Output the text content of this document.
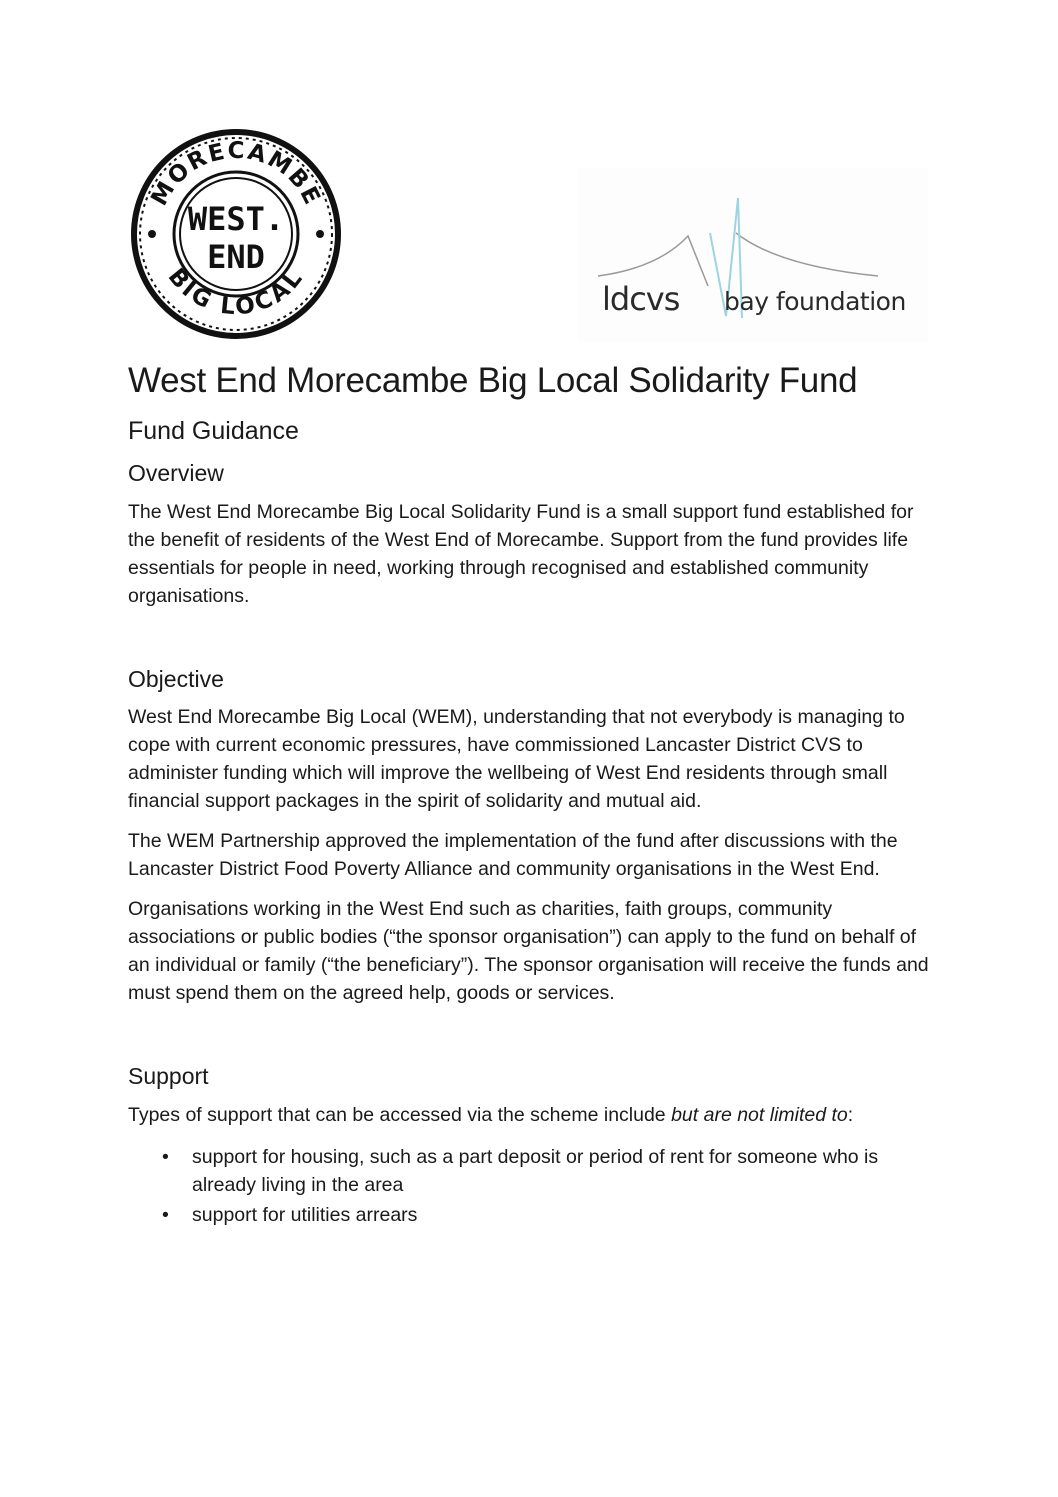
MORECAMBE
BIG LOCAL
WEST.
END
ldcvs bay foundation
West End Morecambe Big Local Solidarity Fund
Fund Guidance
Overview

The West End Morecambe Big Local Solidarity Fund is a small support fund established for the benefit of residents of the West End of Morecambe. Support from the fund provides life essentials for people in need, working through recognised and established community organisations.

Objective

West End Morecambe Big Local (WEM), understanding that not everybody is managing to cope with current economic pressures, have commissioned Lancaster District CVS to administer funding which will improve the wellbeing of West End residents through small financial support packages in the spirit of solidarity and mutual aid.

The WEM Partnership approved the implementation of the fund after discussions with the Lancaster District Food Poverty Alliance and community organisations in the West End.

Organisations working in the West End such as charities, faith groups, community associations or public bodies (“the sponsor organisation”) can apply to the fund on behalf of an individual or family (“the beneficiary”). The sponsor organisation will receive the funds and must spend them on the agreed help, goods or services.

Support

Types of support that can be accessed via the scheme include but are not limited to:

• support for housing, such as a part deposit or period of rent for someone who is already living in the area
• support for utilities arrears
